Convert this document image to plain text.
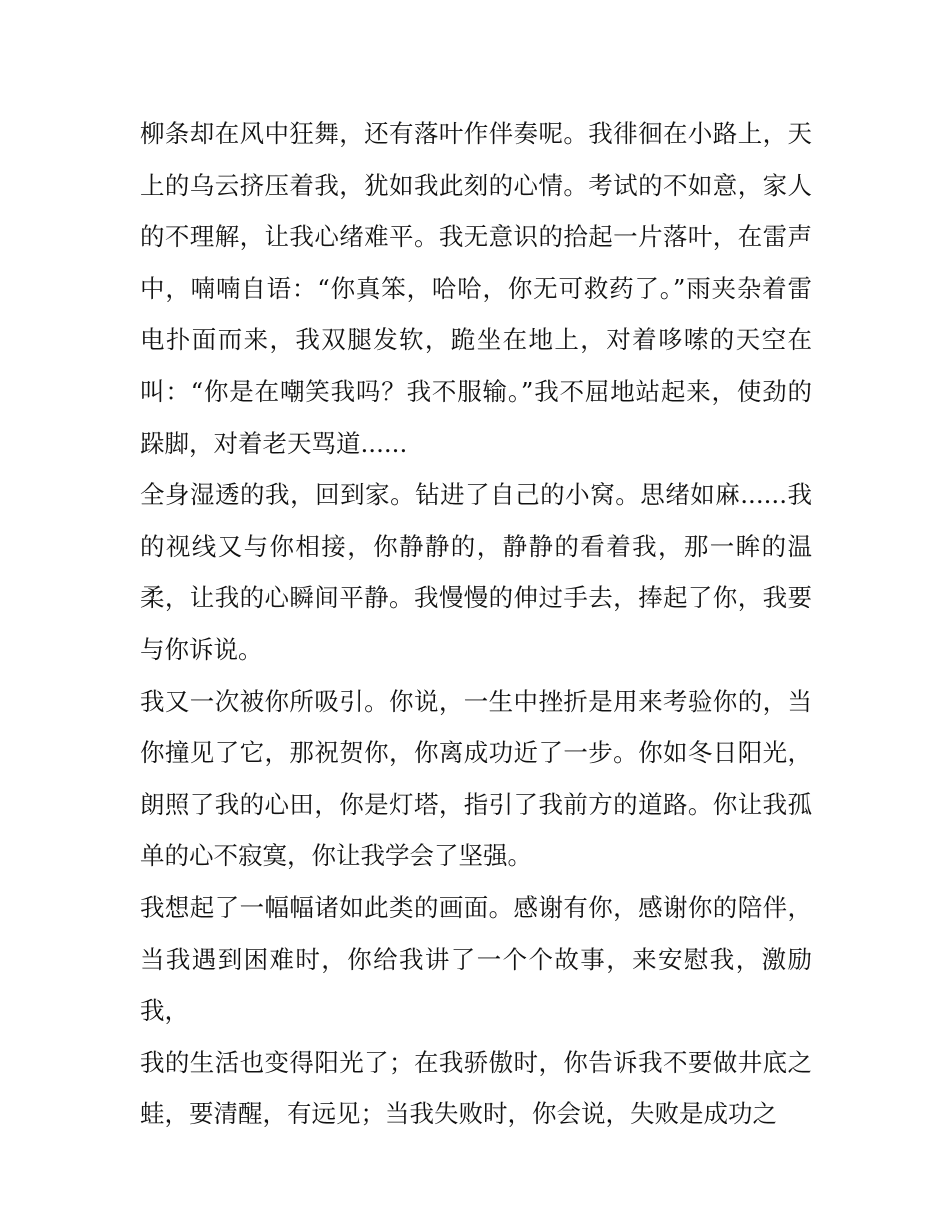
柳条却在风中狂舞，还有落叶作伴奏呢。我徘徊在小路上，天上的乌云挤压着我，犹如我此刻的心情。考试的不如意，家人的不理解，让我心绪难平。我无意识的拾起一片落叶，在雷声中，喃喃自语：“你真笨，哈哈，你无可救药了。”雨夹杂着雷电扑面而来，我双腿发软，跪坐在地上，对着哆嗦的天空在叫：“你是在嘲笑我吗？我不服输。”我不屈地站起来，使劲的跺脚，对着老天骂道......

全身湿透的我，回到家。钻进了自己的小窝。思绪如麻......我的视线又与你相接，你静静的，静静的看着我，那一眸的温柔，让我的心瞬间平静。我慢慢的伸过手去，捧起了你，我要与你诉说。

我又一次被你所吸引。你说，一生中挫折是用来考验你的，当你撞见了它，那祝贺你，你离成功近了一步。你如冬日阳光，朗照了我的心田，你是灯塔，指引了我前方的道路。你让我孤单的心不寂寞，你让我学会了坚强。

我想起了一幅幅诸如此类的画面。感谢有你，感谢你的陪伴，当我遇到困难时，你给我讲了一个个故事，来安慰我，激励我，

我的生活也变得阳光了；在我骄傲时，你告诉我不要做井底之蛙，要清醒，有远见；当我失败时，你会说，失败是成功之
